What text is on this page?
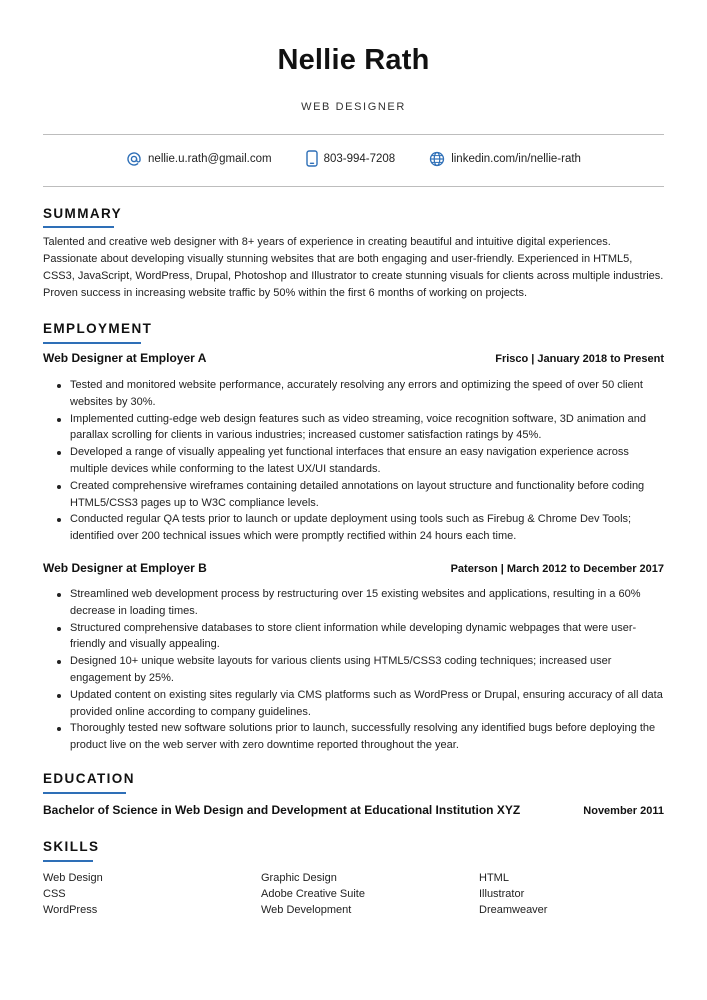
Nellie Rath
WEB DESIGNER
nellie.u.rath@gmail.com	803-994-7208	linkedin.com/in/nellie-rath
SUMMARY
Talented and creative web designer with 8+ years of experience in creating beautiful and intuitive digital experiences. Passionate about developing visually stunning websites that are both engaging and user-friendly. Experienced in HTML5, CSS3, JavaScript, WordPress, Drupal, Photoshop and Illustrator to create stunning visuals for clients across multiple industries. Proven success in increasing website traffic by 50% within the first 6 months of working on projects.
EMPLOYMENT
Web Designer at Employer A	Frisco | January 2018 to Present
Tested and monitored website performance, accurately resolving any errors and optimizing the speed of over 50 client websites by 30%.
Implemented cutting-edge web design features such as video streaming, voice recognition software, 3D animation and parallax scrolling for clients in various industries; increased customer satisfaction ratings by 45%.
Developed a range of visually appealing yet functional interfaces that ensure an easy navigation experience across multiple devices while conforming to the latest UX/UI standards.
Created comprehensive wireframes containing detailed annotations on layout structure and functionality before coding HTML5/CSS3 pages up to W3C compliance levels.
Conducted regular QA tests prior to launch or update deployment using tools such as Firebug & Chrome Dev Tools; identified over 200 technical issues which were promptly rectified within 24 hours each time.
Web Designer at Employer B	Paterson | March 2012 to December 2017
Streamlined web development process by restructuring over 15 existing websites and applications, resulting in a 60% decrease in loading times.
Structured comprehensive databases to store client information while developing dynamic webpages that were user-friendly and visually appealing.
Designed 10+ unique website layouts for various clients using HTML5/CSS3 coding techniques; increased user engagement by 25%.
Updated content on existing sites regularly via CMS platforms such as WordPress or Drupal, ensuring accuracy of all data provided online according to company guidelines.
Thoroughly tested new software solutions prior to launch, successfully resolving any identified bugs before deploying the product live on the web server with zero downtime reported throughout the year.
EDUCATION
Bachelor of Science in Web Design and Development at Educational Institution XYZ	November 2011
SKILLS
Web Design	Graphic Design	HTML
CSS	Adobe Creative Suite	Illustrator
WordPress	Web Development	Dreamweaver
